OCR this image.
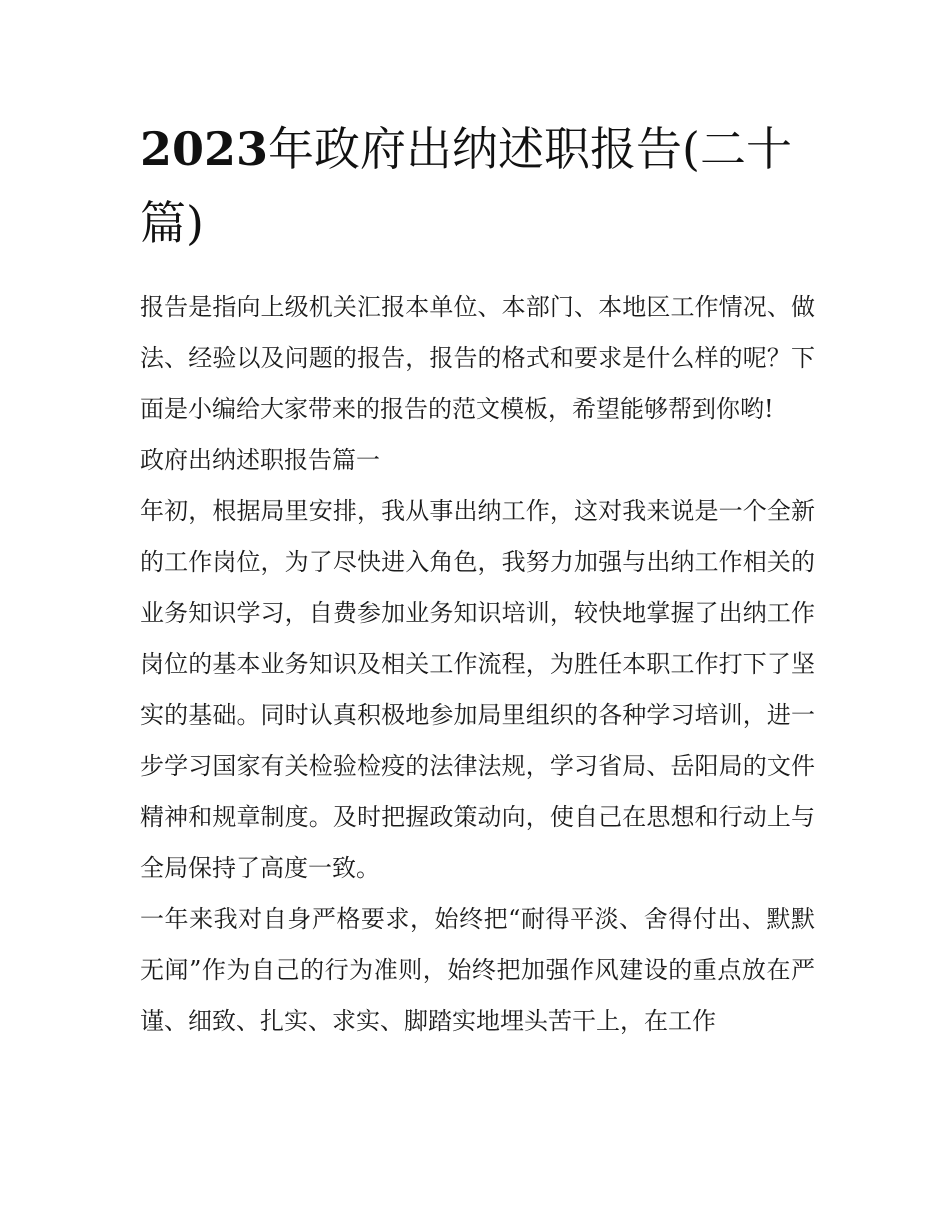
2023年政府出纳述职报告(二十篇)

报告是指向上级机关汇报本单位、本部门、本地区工作情况、做法、经验以及问题的报告，报告的格式和要求是什么样的呢？下面是小编给大家带来的报告的范文模板，希望能够帮到你哟!

政府出纳述职报告篇一

年初，根据局里安排，我从事出纳工作，这对我来说是一个全新的工作岗位，为了尽快进入角色，我努力加强与出纳工作相关的业务知识学习，自费参加业务知识培训，较快地掌握了出纳工作岗位的基本业务知识及相关工作流程，为胜任本职工作打下了坚实的基础。同时认真积极地参加局里组织的各种学习培训，进一步学习国家有关检验检疫的法律法规，学习省局、岳阳局的文件精神和规章制度。及时把握政策动向，使自己在思想和行动上与全局保持了高度一致。

一年来我对自身严格要求，始终把“耐得平淡、舍得付出、默默无闻”作为自己的行为准则，始终把加强作风建设的重点放在严谨、细致、扎实、求实、脚踏实地埋头苦干上，在工作
